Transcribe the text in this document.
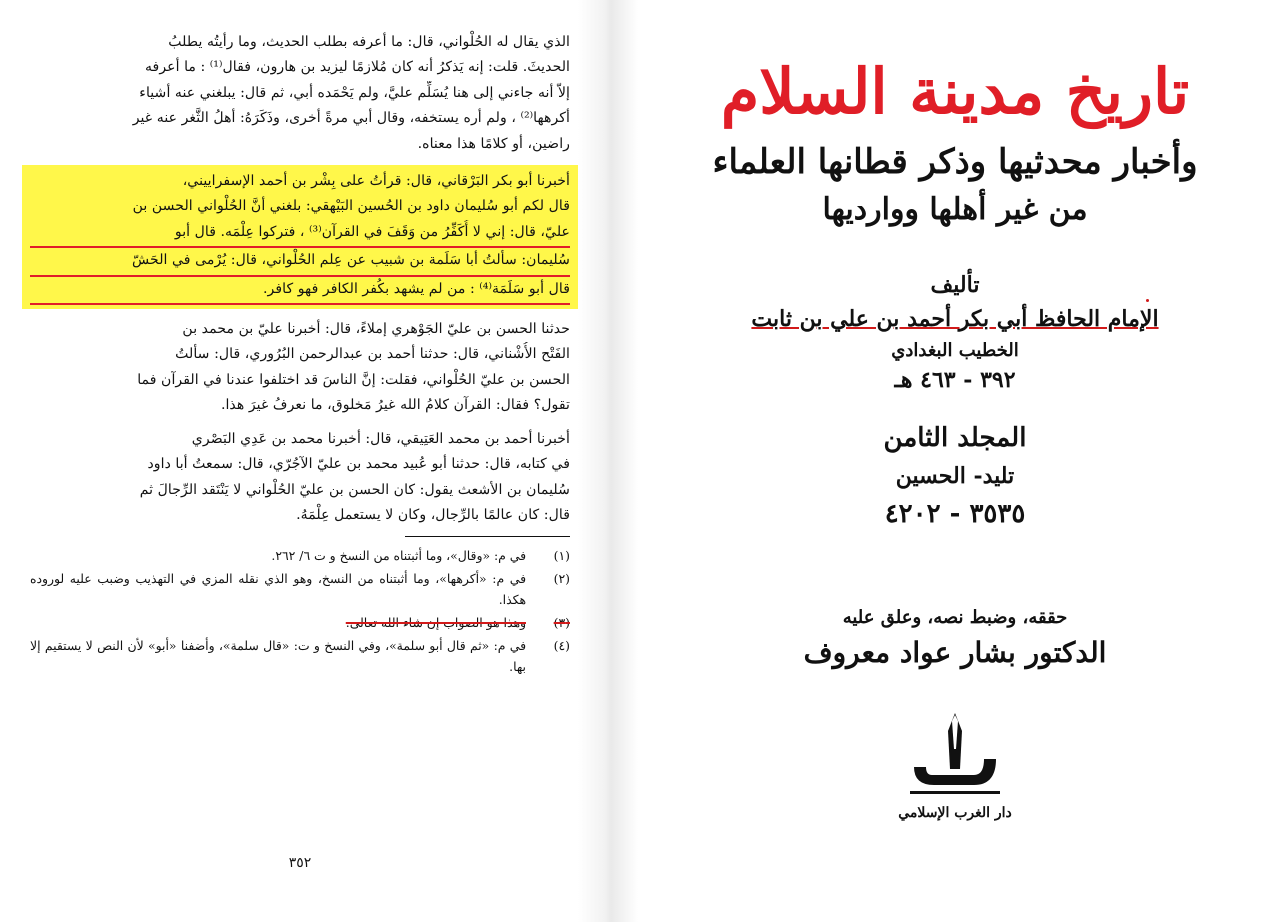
الذي يقال له الحُلْواني، قال: ما أعرفه بطلب الحديث، وما رأيتُه يطلبُ
الحديثَ. قلت: إنه يَذكرُ أنه كان مُلازمًا ليزيد بن هارون، فقال⁽¹⁾ : ما أعرفه
إلاّ أنه جاءني إلى هنا يُسَلِّم عليَّ، ولم يَحْمَده أبي، ثم قال: يبلغني عنه أشياء
أكرهها⁽²⁾ ، ولم أره يستخفه، وقال أبي مرةً أخرى، وذَكَرَهُ: أهلُ الثَّغر عنه غير
راضين، أو كلامًا هذا معناه.
أخبرنا أبو بكر البَرْقاني، قال: قرأتُ على بِشْر بن أحمد الإسفراييني،
قال لكم أبو سُليمان داود بن الحُسين البَيْهقي: بلغني أنَّ الحُلْواني الحسن بن
عليّ، قال: إني لا أُكَفِّرُ من وَقَفَ في القرآن⁽³⁾ ، فتركوا عِلْمَه. قال أبو
سُليمان: سألتُ أبا سَلَمة بن شبيب عن عِلم الحُلْواني، قال: يُرْمى في الحَشّ
قال أبو سَلَمَة⁽⁴⁾ : من لم يشهد بكُفر الكافر فهو كافر.
حدثنا الحسن بن عليّ الجَوْهري إملاءً، قال: أخبرنا عليّ بن محمد بن
الفَتْح الأُشْناني، قال: حدثنا أحمد بن عبدالرحمن البُرُوري، قال: سألتُ
الحسن بن عليّ الحُلْواني، فقلت: إنَّ الناسَ قد اختلفوا عندنا في القرآن فما
تقول؟ فقال: القرآن كلامُ الله غيرُ مَخلوق، ما نعرفُ غيرَ هذا.
أخبرنا أحمد بن محمد العَتِيقي، قال: أخبرنا محمد بن عَدِي البَصْري
في كتابه، قال: حدثنا أبو عُبيد محمد بن عليّ الآجُرّي، قال: سمعتُ أبا داود
سُليمان بن الأشعث يقول: كان الحسن بن عليّ الحُلْواني لا يَنْتَقد الرِّجالَ ثم
قال: كان عالمًا بالرِّجال، وكان لا يستعمل عِلْمَهُ.
(١)
في م: «وقال»، وما أثبتناه من النسخ و ت ٦/ ٢٦٢.
(٢)
في م: «أكرهها»، وما أثبتناه من النسخ، وهو الذي نقله المزي في التهذيب وضبب عليه لوروده هكذا.
(٣)
وهذا هو الصواب إن شاء الله تعالى.
(٤)
في م: «ثم قال أبو سلمة»، وفي النسخ و ت: «قال سلمة»، وأضفنا «أبو» لأن النص لا يستقيم إلا بها.
٣٥٢
تاريخ مدينة السلام
وأخبار محدثيها وذكر قطانها العلماء
من غير أهلها ووارديها
تأليف
الإمام الحافظ أبي بكر أحمد بن علي بن ثابت
الخطيب البغدادي
٣٩٢ - ٤٦٣ هـ
المجلد الثامن
تليد- الحسين
٣٥٣٥ - ٤٢٠٢
حققه، وضبط نصه، وعلق عليه
الدكتور بشار عواد معروف
دار الغرب الإسلامي
